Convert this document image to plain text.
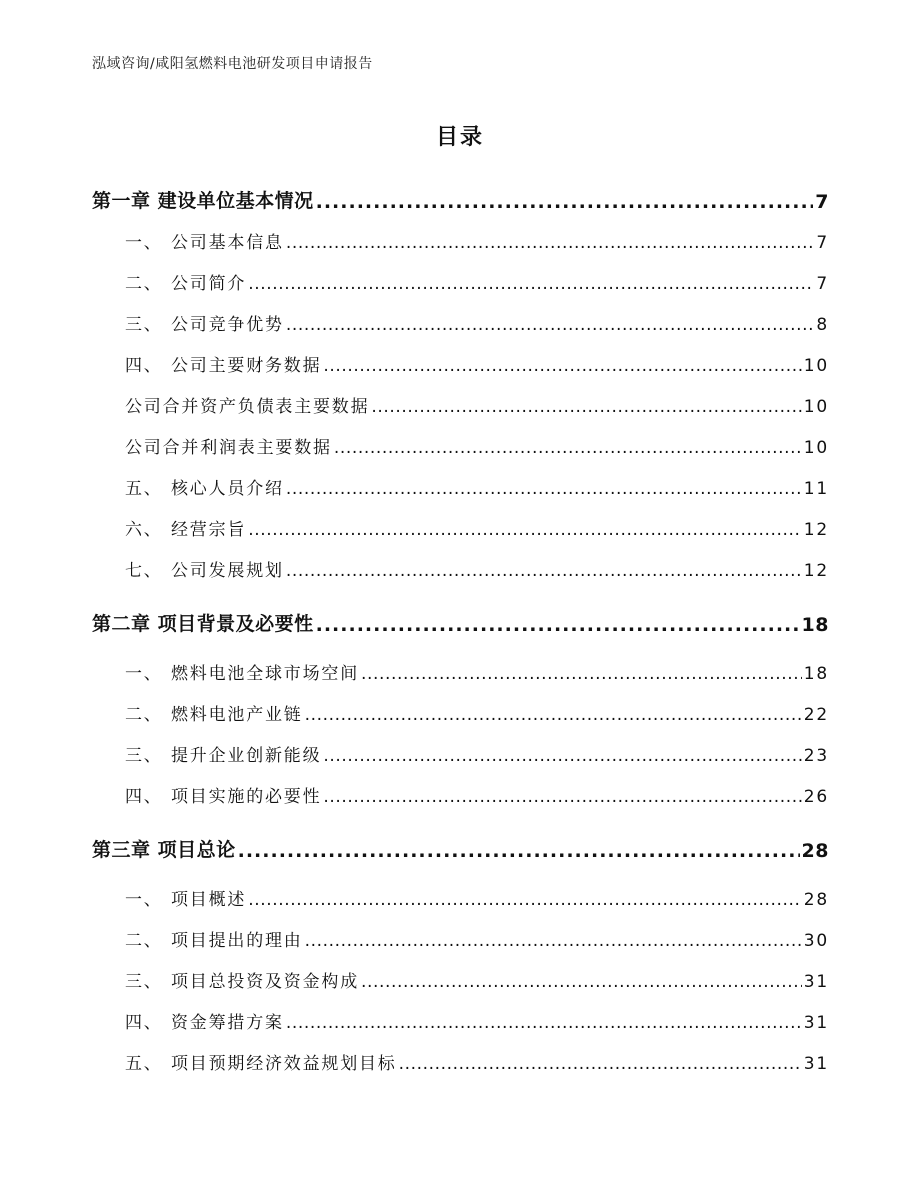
泓域咨询/咸阳氢燃料电池研发项目申请报告
目录
第一章 建设单位基本情况 .....	7
一、 公司基本信息 .....	7
二、 公司简介 .....	7
三、 公司竞争优势 .....	8
四、 公司主要财务数据 .....	10
公司合并资产负债表主要数据 .....	10
公司合并利润表主要数据 .....	10
五、 核心人员介绍 .....	11
六、 经营宗旨 .....	12
七、 公司发展规划 .....	12
第二章 项目背景及必要性 .....	18
一、 燃料电池全球市场空间 .....	18
二、 燃料电池产业链 .....	22
三、 提升企业创新能级 .....	23
四、 项目实施的必要性 .....	26
第三章 项目总论 .....	28
一、 项目概述 .....	28
二、 项目提出的理由 .....	30
三、 项目总投资及资金构成 .....	31
四、 资金筹措方案 .....	31
五、 项目预期经济效益规划目标 .....	31
